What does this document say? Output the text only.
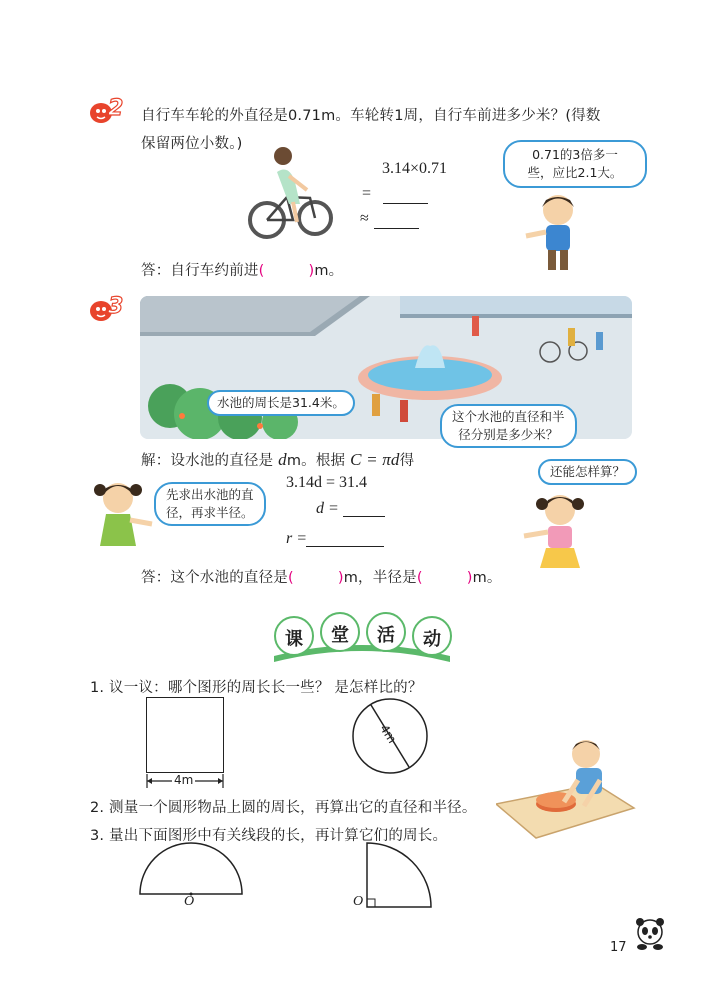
2 自行车车轮的外直径是0.71m。车轮转1周，自行车前进多少米？(得数
保留两位小数。)
3.14×0.71
=
≈
0.71的3倍多一
些，应比2.1大。
答：自行车约前进(	)m。
3
水池的周长是31.4米。
这个水池的直径和半
径分别是多少米？
解：设水池的直径是 dm。根据 C = πd得
3.14d = 31.4
d =
r =
先求出水池的直
径，再求半径。
还能怎样算？
答：这个水池的直径是(	)m，半径是(	)m。
课 堂 活 动
1. 议一议：哪个图形的周长长一些？ 是怎样比的？
4m
4m
2. 测量一个圆形物品上圆的周长，再算出它的直径和半径。
3. 量出下面图形中有关线段的长，再计算它们的周长。
O	O
17
